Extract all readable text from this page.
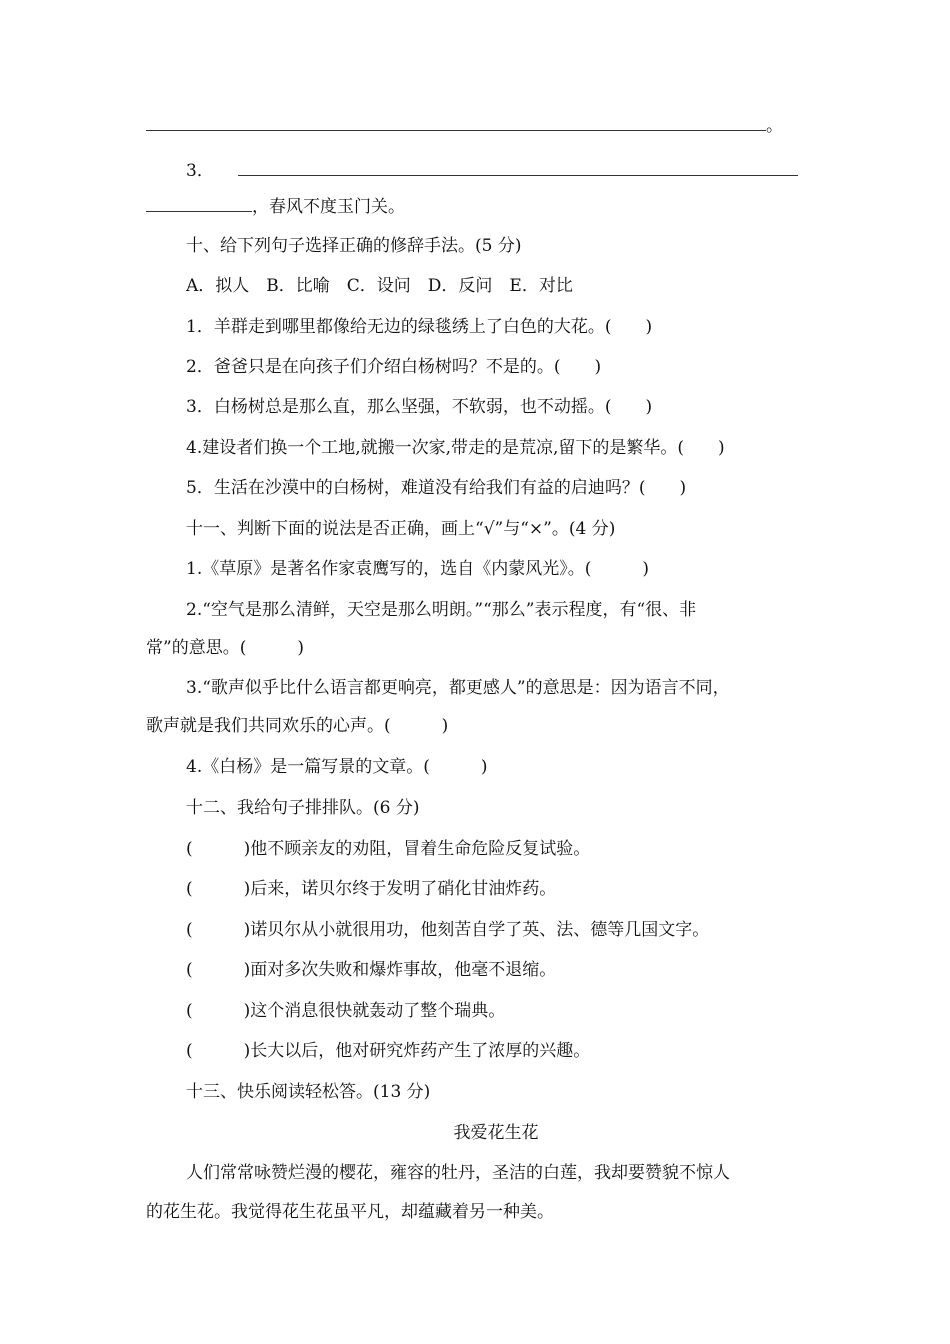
。
3．
，春风不度玉门关。
十、给下列句子选择正确的修辞手法。(5 分)
A．拟人　B．比喻　C．设问　D．反问　E．对比
1．羊群走到哪里都像给无边的绿毯绣上了白色的大花。(　　)
2．爸爸只是在向孩子们介绍白杨树吗？不是的。(　　)
3．白杨树总是那么直，那么坚强，不软弱，也不动摇。(　　)
4.建设者们换一个工地,就搬一次家,带走的是荒凉,留下的是繁华。(　　)
5．生活在沙漠中的白杨树，难道没有给我们有益的启迪吗？(　　)
十一、判断下面的说法是否正确，画上“√”与“×”。(4 分)
1.《草原》是著名作家袁鹰写的，选自《内蒙风光》。(　　　)
2.“空气是那么清鲜，天空是那么明朗。”“那么”表示程度，有“很、非
常”的意思。(　　　)
3.“歌声似乎比什么语言都更响亮，都更感人”的意思是：因为语言不同，
歌声就是我们共同欢乐的心声。(　　　)
4.《白杨》是一篇写景的文章。(　　　)
十二、我给句子排排队。(6 分)
(　　　)他不顾亲友的劝阻，冒着生命危险反复试验。
(　　　)后来，诺贝尔终于发明了硝化甘油炸药。
(　　　)诺贝尔从小就很用功，他刻苦自学了英、法、德等几国文字。
(　　　)面对多次失败和爆炸事故，他毫不退缩。
(　　　)这个消息很快就轰动了整个瑞典。
(　　　)长大以后，他对研究炸药产生了浓厚的兴趣。
十三、快乐阅读轻松答。(13 分)
我爱花生花
人们常常咏赞烂漫的樱花，雍容的牡丹，圣洁的白莲，我却要赞貌不惊人
的花生花。我觉得花生花虽平凡，却蕴藏着另一种美。
